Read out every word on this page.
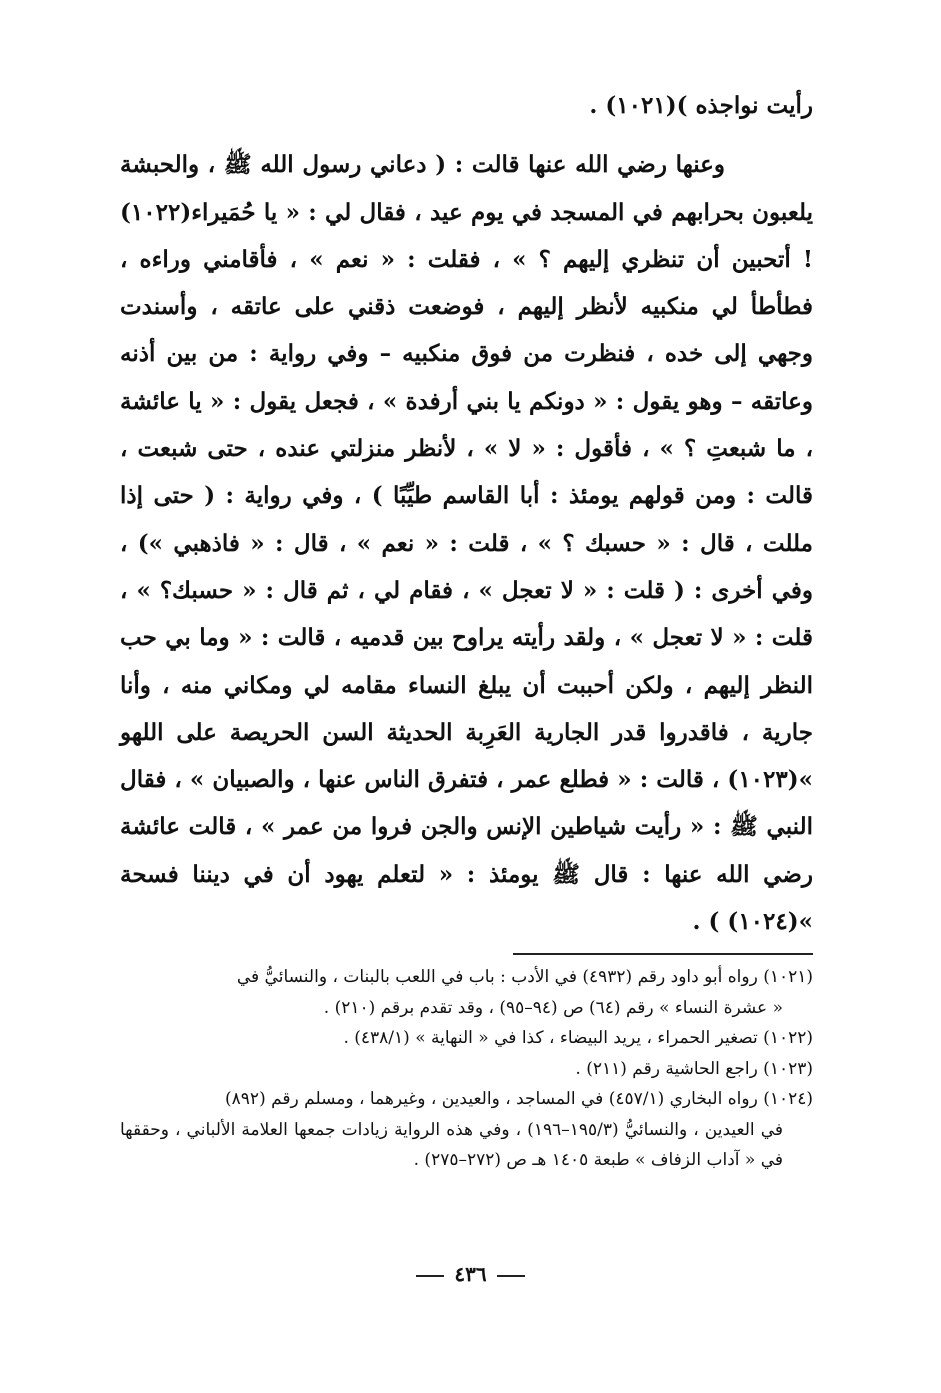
رأيت نواجذه )(١٠٢١) .

وعنها رضي الله عنها قالت : ( دعاني رسول الله ﷺ ، والحبشة يلعبون بحرابهم في المسجد في يوم عيد ، فقال لي : « يا حُمَيراء(١٠٢٢) ! أتحبين أن تنظري إليهم ؟ » ، فقلت : « نعم » ، فأقامني وراءه ، فطأطأ لي منكبيه لأنظر إليهم ، فوضعت ذقني على عاتقه ، وأسندت وجهي إلى خده ، فنظرت من فوق منكبيه – وفي رواية : من بين أذنه وعاتقه – وهو يقول : « دونكم يا بني أرفدة » ، فجعل يقول : « يا عائشة ، ما شبعتِ ؟ » ، فأقول : « لا » ، لأنظر منزلتي عنده ، حتى شبعت ، قالت : ومن قولهم يومئذ : أبا القاسم طيِّبًا ) ، وفي رواية : ( حتى إذا مللت ، قال : « حسبك ؟ » ، قلت : « نعم » ، قال : « فاذهبي ») ، وفي أخرى : ( قلت : « لا تعجل » ، فقام لي ، ثم قال : « حسبك؟ » ، قلت : « لا تعجل » ، ولقد رأيته يراوح بين قدميه ، قالت : « وما بي حب النظر إليهم ، ولكن أحببت أن يبلغ النساء مقامه لي ومكاني منه ، وأنا جارية ، فاقدروا قدر الجارية العَرِبة الحديثة السن الحريصة على اللهو »(١٠٢٣) ، قالت : « فطلع عمر ، فتفرق الناس عنها ، والصبيان » ، فقال النبي ﷺ : « رأيت شياطين الإنس والجن فروا من عمر » ، قالت عائشة رضي الله عنها : قال ﷺ يومئذ : « لتعلم يهود أن في ديننا فسحة »(١٠٢٤) ) .

(١٠٢١) رواه أبو داود رقم (٤٩٣٢) في الأدب : باب في اللعب بالبنات ، والنسائيُّ في

« عشرة النساء » رقم (٦٤) ص (٩٤–٩٥) ، وقد تقدم برقم (٢١٠) .

(١٠٢٢) تصغير الحمراء ، يريد البيضاء ، كذا في « النهاية » (٤٣٨/١) .

(١٠٢٣) راجع الحاشية رقم (٢١١) .

(١٠٢٤) رواه البخاري (٤٥٧/١) في المساجد ، والعيدين ، وغيرهما ، ومسلم رقم (٨٩٢)

في العيدين ، والنسائيُّ (١٩٥/٣–١٩٦) ، وفي هذه الرواية زيادات جمعها العلامة الألباني ، وحققها في « آداب الزفاف » طبعة ١٤٠٥ هـ ص (٢٧٢–٢٧٥) .

٤٣٦
